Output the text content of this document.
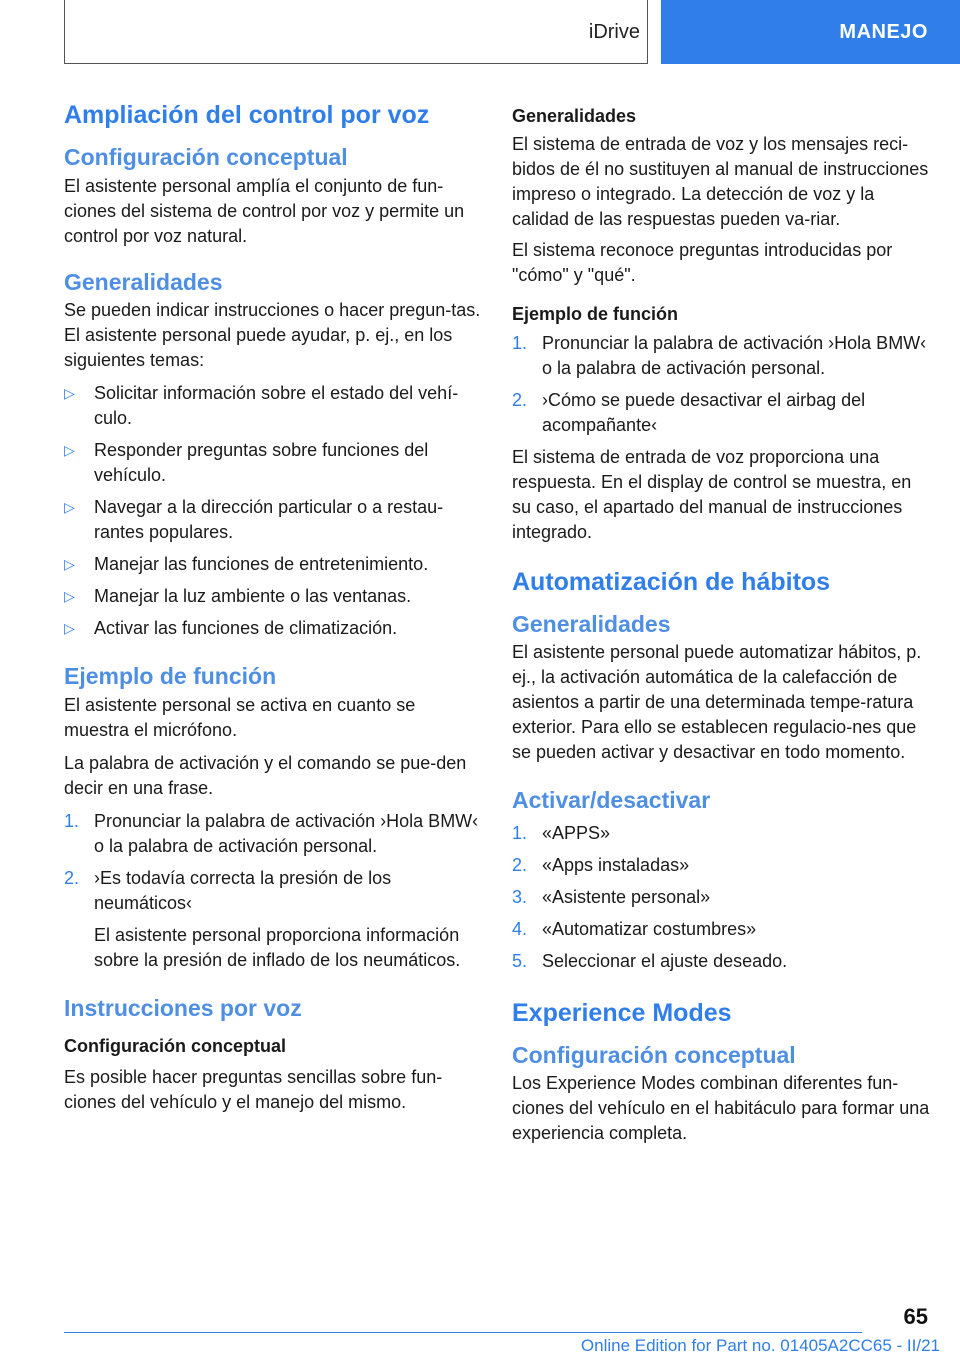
iDrive	MANEJO
Ampliación del control por voz
Configuración conceptual

El asistente personal amplía el conjunto de fun-ciones del sistema de control por voz y permite un control por voz natural.

Generalidades

Se pueden indicar instrucciones o hacer pregun-tas. El asistente personal puede ayudar, p. ej., en los siguientes temas:

▷ Solicitar información sobre el estado del vehí-culo.
▷ Responder preguntas sobre funciones del vehículo.
▷ Navegar a la dirección particular o a restau-rantes populares.
▷ Manejar las funciones de entretenimiento.
▷ Manejar la luz ambiente o las ventanas.
▷ Activar las funciones de climatización.
Ejemplo de función

El asistente personal se activa en cuanto se muestra el micrófono.

La palabra de activación y el comando se pue-den decir en una frase.

1. Pronunciar la palabra de activación ›Hola BMW‹ o la palabra de activación personal.
2. ›Es todavía correcta la presión de los neumáticos‹

El asistente personal proporciona información sobre la presión de inflado de los neumáticos.

Instrucciones por voz
Configuración conceptual

Es posible hacer preguntas sencillas sobre fun-ciones del vehículo y el manejo del mismo.

Generalidades

El sistema de entrada de voz y los mensajes reci-bidos de él no sustituyen al manual de instrucciones impreso o integrado. La detección de voz y la calidad de las respuestas pueden va-riar.

El sistema reconoce preguntas introducidas por "cómo" y "qué".

Ejemplo de función
1. Pronunciar la palabra de activación ›Hola BMW‹ o la palabra de activación personal.
2. ›Cómo se puede desactivar el airbag del acompañante‹

El sistema de entrada de voz proporciona una respuesta. En el display de control se muestra, en su caso, el apartado del manual de instrucciones integrado.

Automatización de hábitos
Generalidades

El asistente personal puede automatizar hábitos, p. ej., la activación automática de la calefacción de asientos a partir de una determinada tempe-ratura exterior. Para ello se establecen regulacio-nes que se pueden activar y desactivar en todo momento.

Activar/desactivar
1. «APPS»
2. «Apps instaladas»
3. «Asistente personal»
4. «Automatizar costumbres»
5. Seleccionar el ajuste deseado.
Experience Modes
Configuración conceptual

Los Experience Modes combinan diferentes fun-ciones del vehículo en el habitáculo para formar una experiencia completa.

65
Online Edition for Part no. 01405A2CC65 - II/21
